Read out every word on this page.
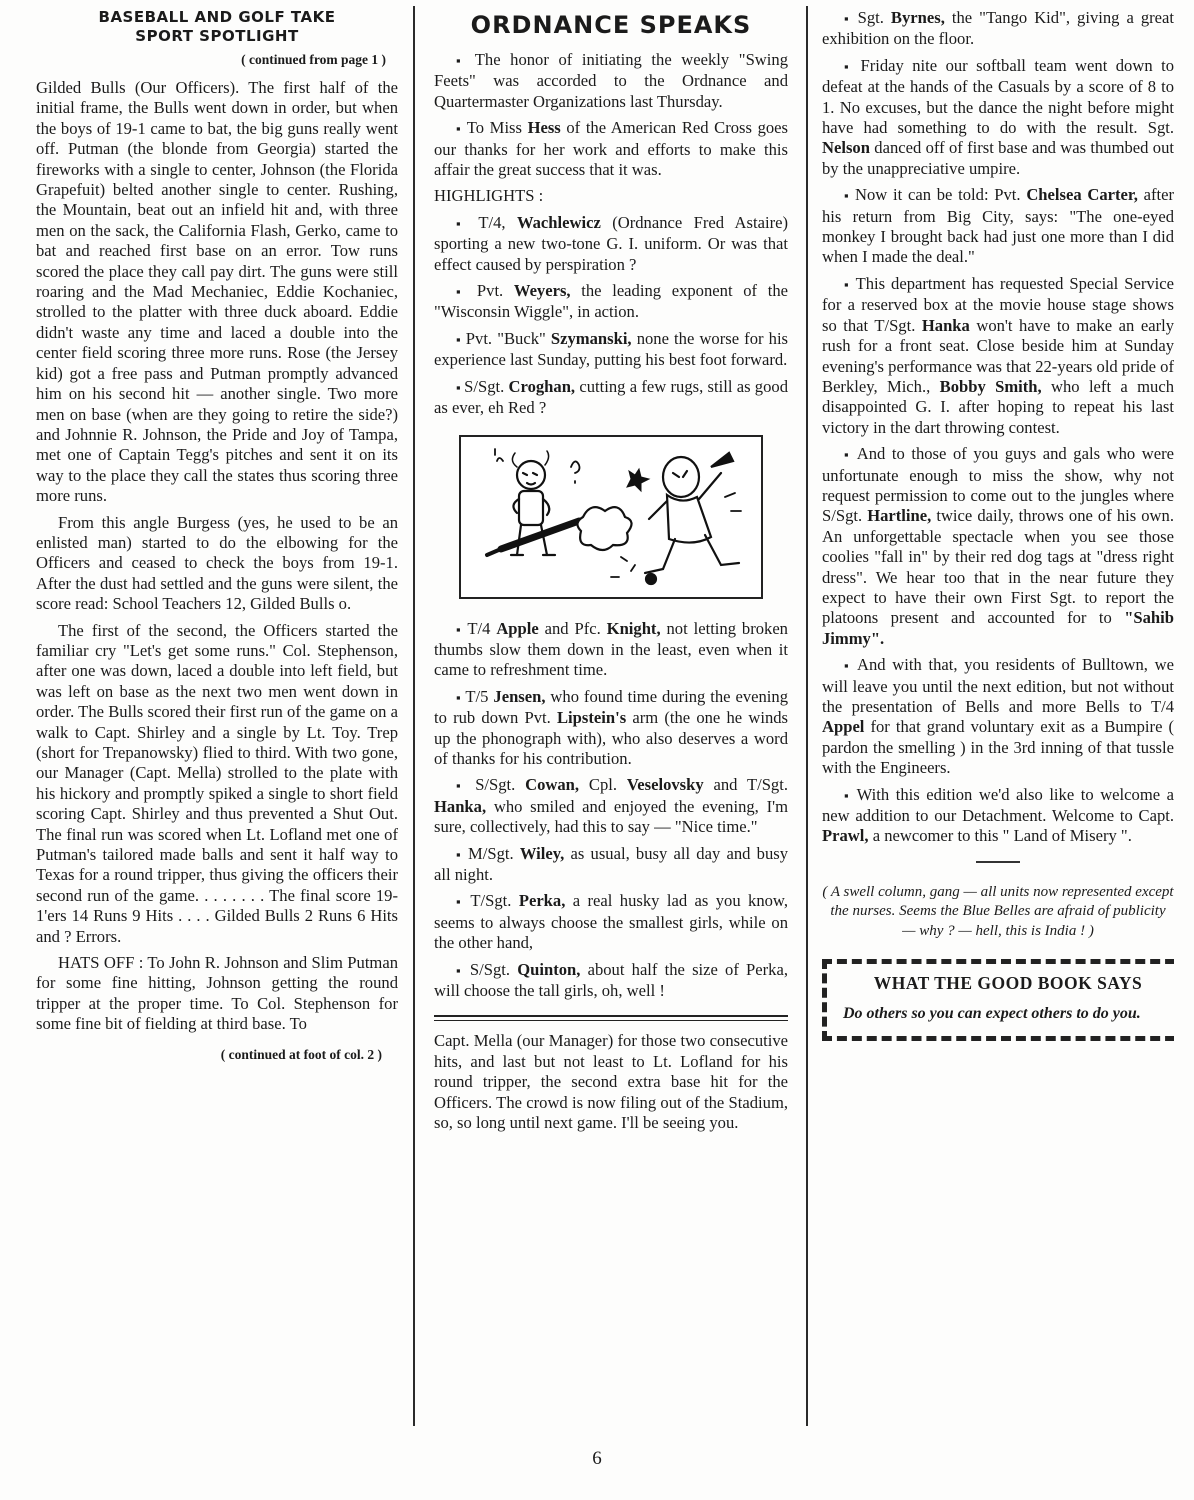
BASEBALL AND GOLF TAKE
SPORT SPOTLIGHT
( continued from page 1 )

Gilded Bulls (Our Officers). The first half of the initial frame, the Bulls went down in order, but when the boys of 19-1 came to bat, the big guns really went off. Putman (the blonde from Georgia) started the fireworks with a single to center, Johnson (the Florida Grapefuit) belted another single to center. Rushing, the Mountain, beat out an infield hit and, with three men on the sack, the California Flash, Gerko, came to bat and reached first base on an error. Tow runs scored the place they call pay dirt. The guns were still roaring and the Mad Mechaniec, Eddie Kochaniec, strolled to the platter with three duck aboard. Eddie didn't waste any time and laced a double into the center field scoring three more runs. Rose (the Jersey kid) got a free pass and Putman promptly advanced him on his second hit — another single. Two more men on base (when are they going to retire the side?) and Johnnie R. Johnson, the Pride and Joy of Tampa, met one of Captain Tegg's pitches and sent it on its way to the place they call the states thus scoring three more runs.

From this angle Burgess (yes, he used to be an enlisted man) started to do the elbowing for the Officers and ceased to check the boys from 19-1. After the dust had settled and the guns were silent, the score read: School Teachers 12, Gilded Bulls o.

The first of the second, the Officers started the familiar cry "Let's get some runs." Col. Stephenson, after one was down, laced a double into left field, but was left on base as the next two men went down in order. The Bulls scored their first run of the game on a walk to Capt. Shirley and a single by Lt. Toy. Trep (short for Trepanowsky) flied to third. With two gone, our Manager (Capt. Mella) strolled to the plate with his hickory and promptly spiked a single to short field scoring Capt. Shirley and thus prevented a Shut Out. The final run was scored when Lt. Lofland met one of Putman's tailored made balls and sent it half way to Texas for a round tripper, thus giving the officers their second run of the game. . . . . . . . The final score 19-1'ers 14 Runs 9 Hits . . . . Gilded Bulls 2 Runs 6 Hits and ? Errors.

HATS OFF : To John R. Johnson and Slim Putman for some fine hitting, Johnson getting the round tripper at the proper time. To Col. Stephenson for some fine bit of fielding at third base. To

( continued at foot of col. 2 )
ORDNANCE SPEAKS

▪ The honor of initiating the weekly "Swing Feets" was accorded to the Ordnance and Quartermaster Organizations last Thursday.

▪ To Miss Hess of the American Red Cross goes our thanks for her work and efforts to make this affair the great success that it was.

HIGHLIGHTS :

▪ T/4, Wachlewicz (Ordnance Fred Astaire) sporting a new two-tone G. I. uniform. Or was that effect caused by perspiration ?

▪ Pvt. Weyers, the leading exponent of the "Wisconsin Wiggle", in action.

▪ Pvt. "Buck" Szymanski, none the worse for his experience last Sunday, putting his best foot forward.

▪ S/Sgt. Croghan, cutting a few rugs, still as good as ever, eh Red ?

▪ T/4 Apple and Pfc. Knight, not letting broken thumbs slow them down in the least, even when it came to refreshment time.

▪ T/5 Jensen, who found time during the evening to rub down Pvt. Lipstein's arm (the one he winds up the phonograph with), who also deserves a word of thanks for his contribution.

▪ S/Sgt. Cowan, Cpl. Veselovsky and T/Sgt. Hanka, who smiled and enjoyed the evening, I'm sure, collectively, had this to say — "Nice time."

▪ M/Sgt. Wiley, as usual, busy all day and busy all night.

▪ T/Sgt. Perka, a real husky lad as you know, seems to always choose the smallest girls, while on the other hand,

▪ S/Sgt. Quinton, about half the size of Perka, will choose the tall girls, oh, well !

Capt. Mella (our Manager) for those two consecutive hits, and last but not least to Lt. Lofland for his round tripper, the second extra base hit for the Officers. The crowd is now filing out of the Stadium, so, so long until next game. I'll be seeing you.

▪ Sgt. Byrnes, the "Tango Kid", giving a great exhibition on the floor.

▪ Friday nite our softball team went down to defeat at the hands of the Casuals by a score of 8 to 1. No excuses, but the dance the night before might have had something to do with the result. Sgt. Nelson danced off of first base and was thumbed out by the unappreciative umpire.

▪ Now it can be told: Pvt. Chelsea Carter, after his return from Big City, says: "The one-eyed monkey I brought back had just one more than I did when I made the deal."

▪ This department has requested Special Service for a reserved box at the movie house stage shows so that T/Sgt. Hanka won't have to make an early rush for a front seat. Close beside him at Sunday evening's performance was that 22-years old pride of Berkley, Mich., Bobby Smith, who left a much disappointed G. I. after hoping to repeat his last victory in the dart throwing contest.

▪ And to those of you guys and gals who were unfortunate enough to miss the show, why not request permission to come out to the jungles where S/Sgt. Hartline, twice daily, throws one of his own. An unforgettable spectacle when you see those coolies "fall in" by their red dog tags at "dress right dress". We hear too that in the near future they expect to have their own First Sgt. to report the platoons present and accounted for to "Sahib Jimmy".

▪ And with that, you residents of Bulltown, we will leave you until the next edition, but not without the presentation of Bells and more Bells to T/4 Appel for that grand voluntary exit as a Bumpire ( pardon the smelling ) in the 3rd inning of that tussle with the Engineers.

▪ With this edition we'd also like to welcome a new addition to our Detachment. Welcome to Capt. Prawl, a newcomer to this " Land of Misery ".

( A swell column, gang — all units now represented except the nurses. Seems the Blue Belles are afraid of publicity — why ? — hell, this is India ! )

WHAT THE GOOD BOOK SAYS
Do others so you can expect others to do you.
6
